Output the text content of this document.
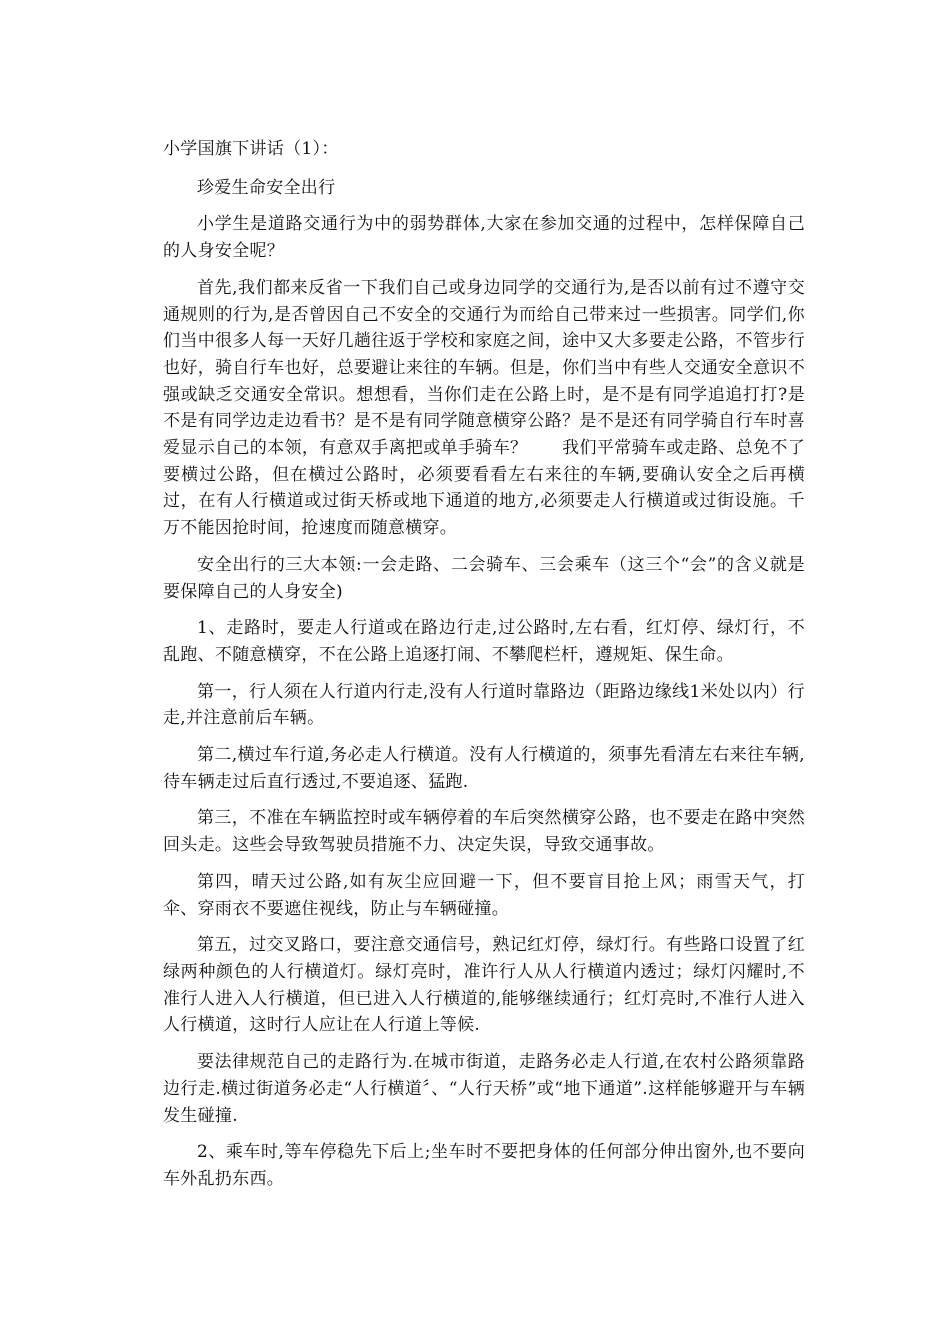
小学国旗下讲话（1）：

珍爱生命安全出行

小学生是道路交通行为中的弱势群体,大家在参加交通的过程中，怎样保障自己的人身安全呢？

首先,我们都来反省一下我们自己或身边同学的交通行为,是否以前有过不遵守交通规则的行为,是否曾因自己不安全的交通行为而给自己带来过一些损害。同学们,你们当中很多人每一天好几趟往返于学校和家庭之间，途中又大多要走公路，不管步行也好，骑自行车也好，总要避让来往的车辆。但是，你们当中有些人交通安全意识不强或缺乏交通安全常识。想想看，当你们走在公路上时，是不是有同学追追打打?是不是有同学边走边看书？是不是有同学随意横穿公路？是不是还有同学骑自行车时喜爱显示自己的本领，有意双手离把或单手骑车？　　我们平常骑车或走路、总免不了要横过公路，但在横过公路时，必须要看看左右来往的车辆,要确认安全之后再横过，在有人行横道或过街天桥或地下通道的地方,必须要走人行横道或过街设施。千万不能因抢时间，抢速度而随意横穿。

安全出行的三大本领:一会走路、二会骑车、三会乘车（这三个“会”的含义就是要保障自己的人身安全)

1、走路时，要走人行道或在路边行走,过公路时,左右看，红灯停、绿灯行，不乱跑、不随意横穿，不在公路上追逐打闹、不攀爬栏杆，遵规矩、保生命。

第一，行人须在人行道内行走,没有人行道时靠路边（距路边缘线1米处以内）行走,并注意前后车辆。

第二,横过车行道,务必走人行横道。没有人行横道的，须事先看清左右来往车辆,待车辆走过后直行透过,不要追逐、猛跑.

第三，不准在车辆监控时或车辆停着的车后突然横穿公路，也不要走在路中突然回头走。这些会导致驾驶员措施不力、决定失误，导致交通事故。

第四，晴天过公路,如有灰尘应回避一下，但不要盲目抢上风；雨雪天气，打伞、穿雨衣不要遮住视线，防止与车辆碰撞。

第五，过交叉路口，要注意交通信号，熟记红灯停，绿灯行。有些路口设置了红绿两种颜色的人行横道灯。绿灯亮时，准许行人从人行横道内透过；绿灯闪耀时,不准行人进入人行横道，但已进入人行横道的,能够继续通行；红灯亮时,不准行人进入人行横道，这时行人应让在人行道上等候.

要法律规范自己的走路行为.在城市街道，走路务必走人行道,在农村公路须靠路边行走.横过街道务必走“人行横道〞、“人行天桥”或“地下通道”.这样能够避开与车辆发生碰撞.

2、乘车时,等车停稳先下后上;坐车时不要把身体的任何部分伸出窗外,也不要向车外乱扔东西。
